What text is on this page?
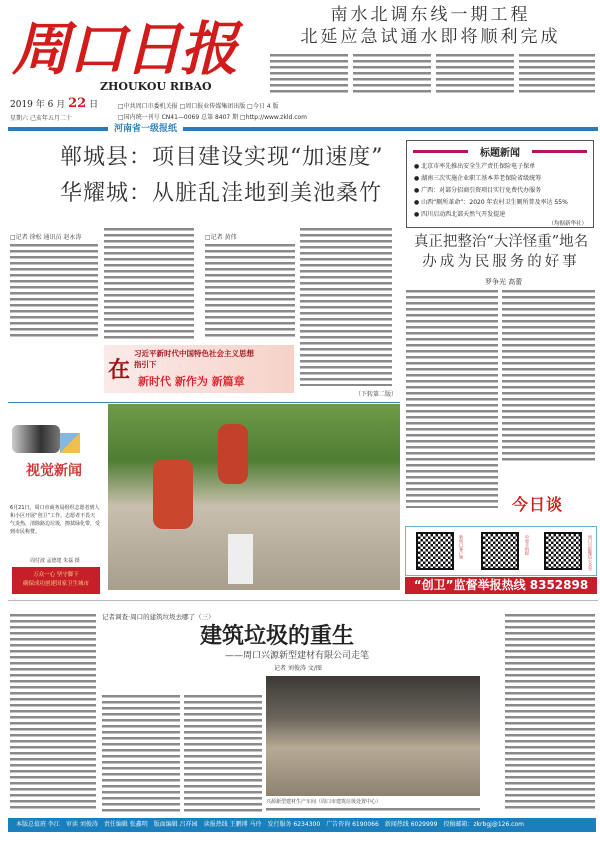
周口日报
ZHOUKOU RIBAO
2019 年 6 月 22 日
星期六 己亥年五月二十
□中共周口市委机关报 □周口报业传媒集团出版 □今日 4 版
□国内统一刊号 CN41—0069 总第 8407 期 □http://www.zkld.com
河南省一级报纸
南水北调东线一期工程
北延应急试通水即将顺利完成
郸城县：项目建设实现“加速度”
华耀城：从脏乱洼地到美池桑竹
□记者 徐松 通讯员 赵永涛	□记者 黄伟
（下转第二版）
在
习近平新时代中国特色社会主义思想
指引下
新时代 新作为 新篇章
标题新闻
● 北京市率先推出安全生产责任保险电子保单
● 湖南三次实施企业职工基本养老保险省级统筹
● 广西：对部分招商引资项目实行免费代办服务
● 山西“厕所革命”：2020 年农村卫生厕所普及率达 55%
● 四川启动西北部天然气开发提速
（均据新华社）
真正把整治“大洋怪重”地名
办成为民服务的好事
罗争光 高蕾
今日谈
新周口客户端	中原手机报	周口日报微信公众号
“创卫”监督举报热线 8352898
视觉新闻
6月21日，周口市商务局组织志愿者到人和小区开展“创卫”工作，志愿者不畏天气炎热，清除路边垃圾，擦拭绿化带，受到市民称赞。
周付波 孟德建 朱磊 摄
万众一心 坚守脚下
确保成功创建国家卫生城市
记者调查·周口的建筑垃圾去哪了（三）
建筑垃圾的重生
——周口兴源新型建材有限公司走笔
记者 刘俊涛 文/图
兴源新型建材生产车间（周口市建筑垃圾处置中心）
本版总值班 李江 审读 刘俊涛 责任编辑 张鑫明 版面编辑 吕祥园 读报热线 王鹏博 马玲 发行服务 6234300 广告咨询 6190066 新闻热线 6029999 投稿邮箱：zkrbgj@126.com
